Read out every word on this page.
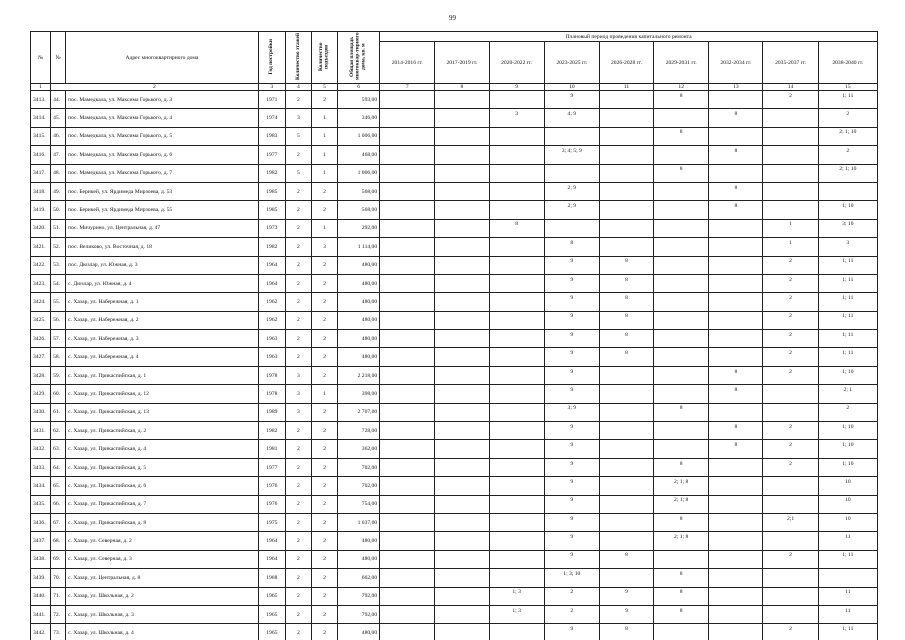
99
№	№	Адрес многоквартирного дома	Год постройки	Количество этажей	Количество подъездов	Общая площадь многоквар-тирного дома, кв. м	Плановый период проведения капитального ремонта								
							2014-2016 гг.	2017-2019 гг.	2020-2022 гг.	2023-2025 гг.	2026-2028 гг.	2029-2031 гг.	2032-2034 гг.	2035-2037 гг.	2038-2040 гг.
1	2		3	4	5	6	7	8	9	10	11	12	13	14	15
3413.	44.	пос. Мамедкала, ул. Максима Горького, д. 3	1971	2	2	593,00				9		8		2	1; 11
3414.	45.	пос. Мамедкала, ул. Максима Горького, д. 4	1974	3	1	346,00			3	4; 9			8		2
3415.	46.	пос. Мамедкала, ул. Максима Горького, д. 5	1983	5	1	1 006,00						8			2; 1; 10
3416.	47.	пос. Мамедкала, ул. Максима Горького, д. 6	1977	2	1	468,00				3; 4; 5; 9			8		2
3417.	48.	пос. Мамедкала, ул. Максима Горького, д. 7	1982	5	1	1 006,00						8			2; 1; 10
3418.	49.	пос. Берикей, ул. Ярдимеда Мирзоева, д. 53	1985	2	2	568,00				2; 9			8		
3419.	50.	пос. Берикей, ул. Ярдимеда Мирзоева, д. 55	1985	2	2	568,00				2; 9			8		1; 10
3420.	51.	пос. Мичурино, ул. Центральная, д. 47	1973	2	1	292,00			8					1	3; 10
3421.	52.	пос. Великово, ул. Восточная, д. 18	1982	2	3	1 114,00				8				1	3
3422.	53.	пос. Дюзлар, ул. Южная, д. 3	1964	2	2	480,00				9	8			2	1; 11
3423.	54.	с. Дюзлар, ул. Южная, д. 4	1964	2	2	480,00				9	8			2	1; 11
3424.	55.	с. Хазар, ул. Набережная, д. 1	1962	2	2	480,00				9	8			2	1; 11
3425.	56.	с. Хазар, ул. Набережная, д. 2	1962	2	2	480,00				9	8			2	1; 11
3426.	57.	с. Хазар, ул. Набережная, д. 3	1963	2	2	480,00				9	8			2	1; 11
3427.	58.	с. Хазар, ул. Набережная, д. 4	1963	2	2	480,00				9	8			2	1; 11
3428.	59.	с. Хазар, ул. Прикаспийская, д. 1	1978	3	2	2 218,00				9			8	2	1; 10
3429.	60.	с. Хазар, ул. Прикаспийская, д. 12	1978	3	1	398,00				9			8		2; 1
3430.	61.	с. Хазар, ул. Прикаспийская, д. 13	1989	3	2	2 707,00				3; 9		8			2
3431.	62.	с. Хазар, ул. Прикаспийская, д. 2	1982	2	2	728,00				9			8	2	1; 10
3432.	63.	с. Хазар, ул. Прикаспийская, д. 4	1981	2	2	362,00				9			8	2	1; 10
3433.	64.	с. Хазар, ул. Прикаспийская, д. 5	1977	2	2	702,00				9		8		2	1; 10
3434.	65.	с. Хазар, ул. Прикаспийская, д. 6	1976	2	2	702,00				9		2; 1; 8			10
3435.	66.	с. Хазар, ул. Прикаспийская, д. 7	1976	2	2	754,00				9		2; 1; 8			10
3436.	67.	с. Хазар, ул. Прикаспийская, д. 8	1975	2	2	1 037,00				9		8		2;1	10
3437.	68.	с. Хазар, ул. Северная, д. 2	1964	2	2	480,00				9		2; 1; 8			11
3438.	69.	с. Хазар, ул. Северная, д. 3	1964	2	2	480,00				9	8			2	1; 11
3439.	70.	с. Хазар, ул. Центральная, д. 8	1988	2	2	662,00				1; 3; 10		8			
3440.	71.	с. Хазар, ул. Школьная, д. 2	1965	2	2	792,00			1; 3	2	9	8			11
3441.	72.	с. Хазар, ул. Школьная, д. 3	1965	2	2	792,00			1; 3	2	9	8			11
3442.	73.	с. Хазар, ул. Школьная, д. 4	1965	2	2	480,00				9	8			2	1; 11
